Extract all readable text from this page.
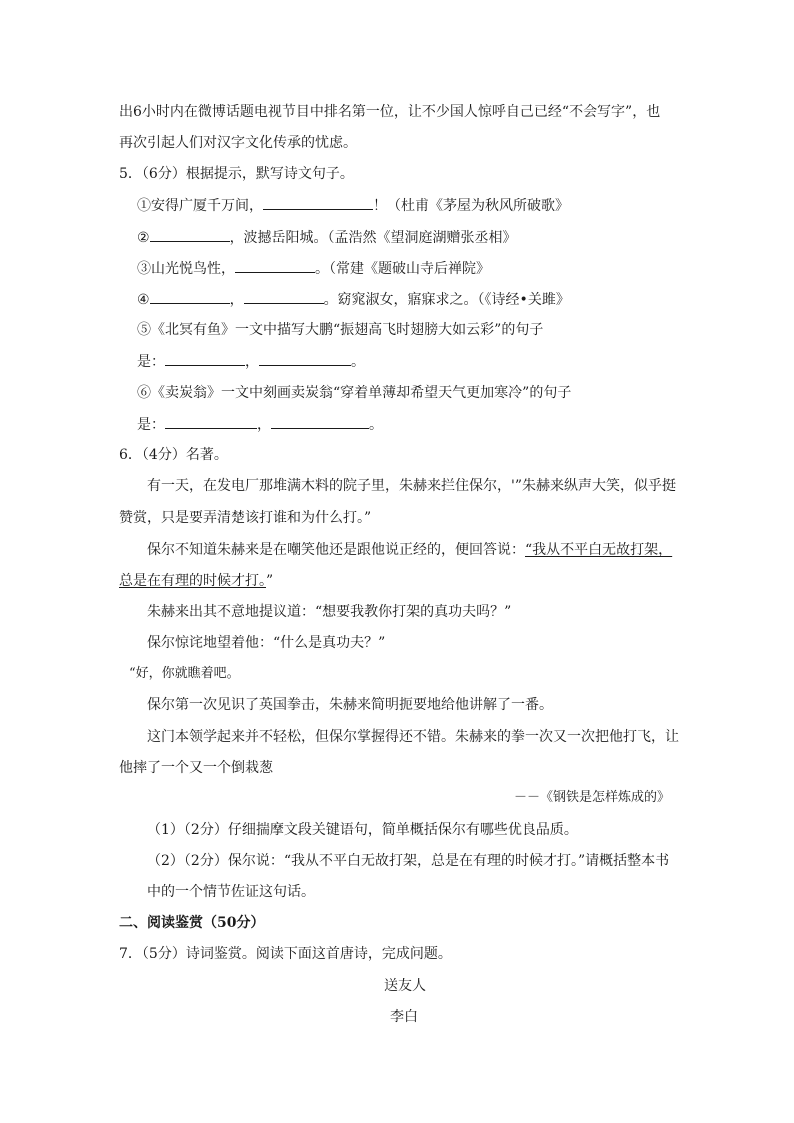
出6小时内在微博话题电视节目中排名第一位，让不少国人惊呼自己已经“不会写字”，也
再次引起人们对汉字文化传承的忧虑。
5．（6分）根据提示，默写诗文句子。
①安得广厦千万间，	！（杜甫《茅屋为秋风所破歌》
②	，波撼岳阳城。（孟浩然《望洞庭湖赠张丞相》
③山光悦鸟性，	。（常建《题破山寺后禅院》
④	，	。窈窕淑女，寤寐求之。（《诗经•关雎》
⑤《北冥有鱼》一文中描写大鹏“振翅高飞时翅膀大如云彩”的句子
是：	，	。
⑥《卖炭翁》一文中刻画卖炭翁“穿着单薄却希望天气更加寒冷”的句子
是：	，	。
6．（4分）名著。
有一天，在发电厂那堆满木料的院子里，朱赫来拦住保尔，'”朱赫来纵声大笑，似乎挺
赞赏，只是要弄清楚该打谁和为什么打。”
保尔不知道朱赫来是在嘲笑他还是跟他说正经的，便回答说：“我从不平白无故打架，
总是在有理的时候才打。”
朱赫来出其不意地提议道：“想要我教你打架的真功夫吗？”
保尔惊诧地望着他：“什么是真功夫？”
“好，你就瞧着吧。
保尔第一次见识了英国拳击，朱赫来简明扼要地给他讲解了一番。
这门本领学起来并不轻松，但保尔掌握得还不错。朱赫来的拳一次又一次把他打飞，让
他摔了一个又一个倒栽葱
－－《钢铁是怎样炼成的》
（1）（2分）仔细揣摩文段关键语句，简单概括保尔有哪些优良品质。
（2）（2分）保尔说：“我从不平白无故打架，总是在有理的时候才打。”请概括整本书
中的一个情节佐证这句话。
二、阅读鉴赏（50分）
7．（5分）诗词鉴赏。阅读下面这首唐诗，完成问题。
送友人
李白
